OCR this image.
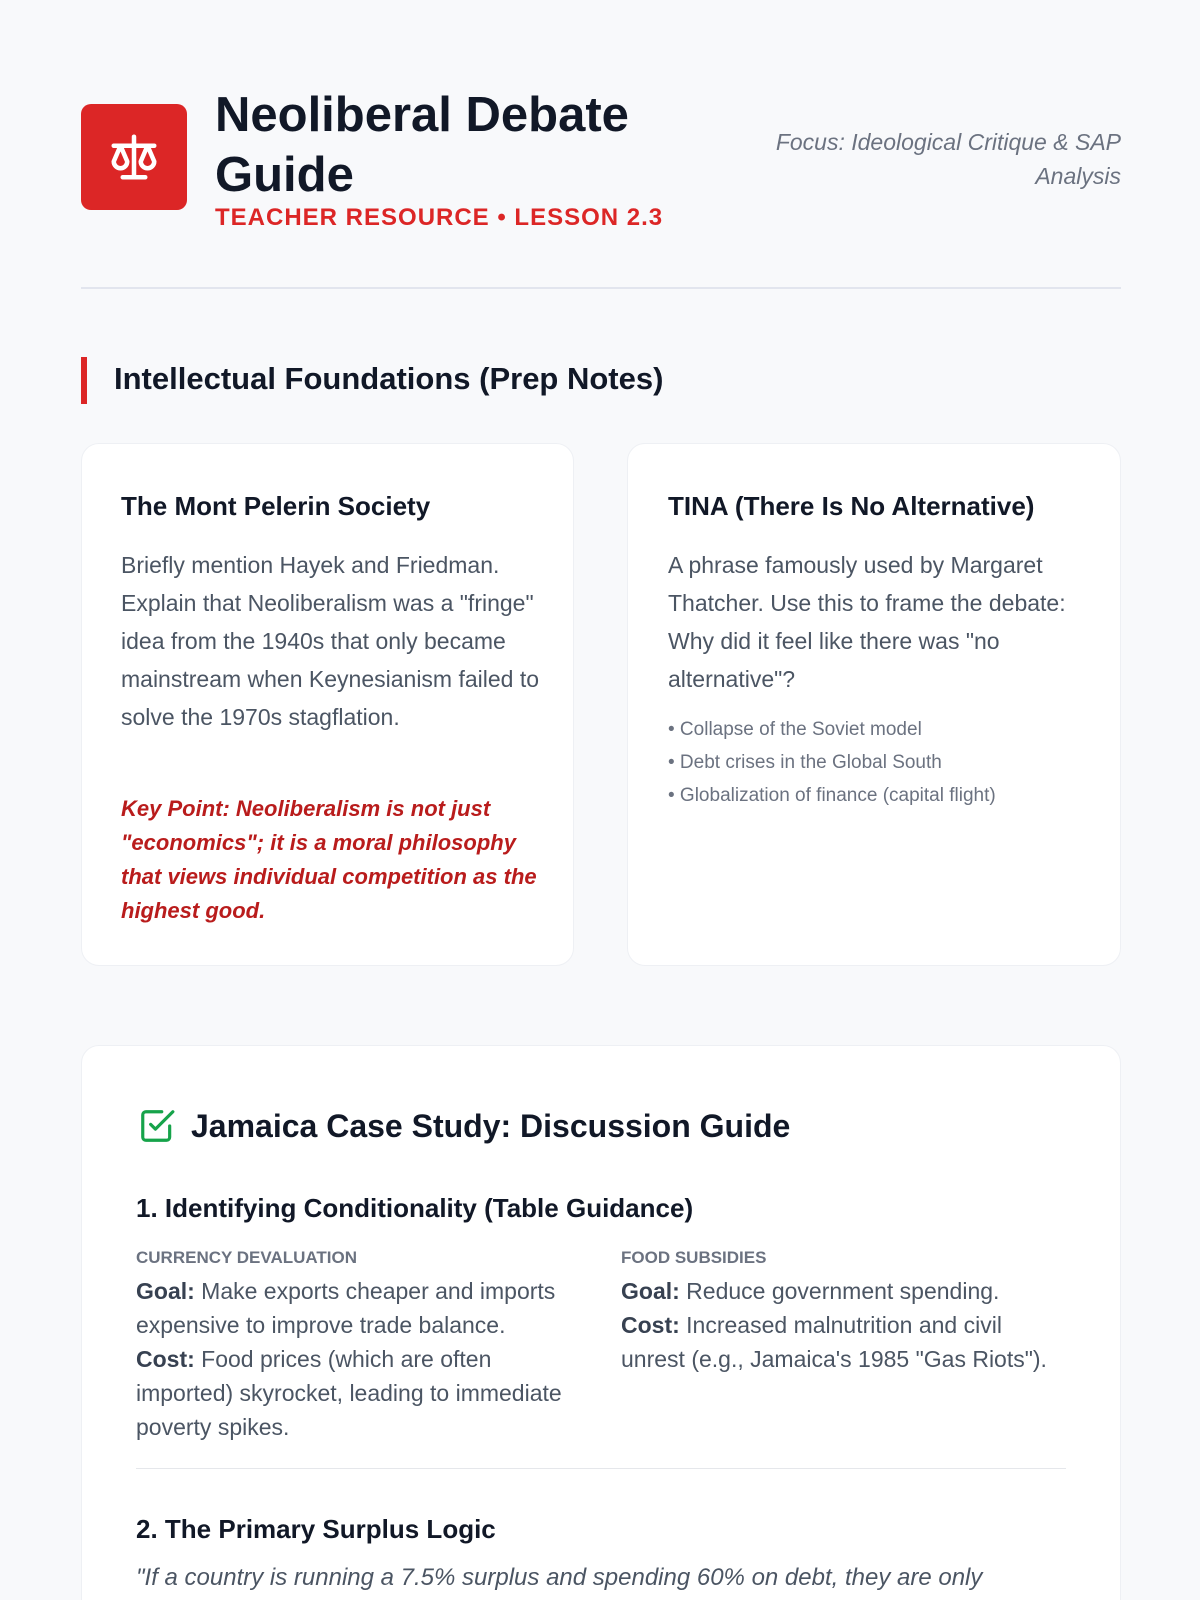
Neoliberal Debate Guide
TEACHER RESOURCE • LESSON 2.3
Focus: Ideological Critique & SAP Analysis
Intellectual Foundations (Prep Notes)
The Mont Pelerin Society

Briefly mention Hayek and Friedman. Explain that Neoliberalism was a "fringe" idea from the 1940s that only became mainstream when Keynesianism failed to solve the 1970s stagflation.

Key Point: Neoliberalism is not just "economics"; it is a moral philosophy that views individual competition as the highest good.

TINA (There Is No Alternative)

A phrase famously used by Margaret Thatcher. Use this to frame the debate: Why did it feel like there was "no alternative"?

• Collapse of the Soviet model
• Debt crises in the Global South
• Globalization of finance (capital flight)
Jamaica Case Study: Discussion Guide
1. Identifying Conditionality (Table Guidance)
CURRENCY DEVALUATION
Goal: Make exports cheaper and imports expensive to improve trade balance. Cost: Food prices (which are often imported) skyrocket, leading to immediate poverty spikes.
FOOD SUBSIDIES
Goal: Reduce government spending.
Cost: Increased malnutrition and civil unrest (e.g., Jamaica's 1985 "Gas Riots").
2. The Primary Surplus Logic

"If a country is running a 7.5% surplus and spending 60% on debt, they are only
